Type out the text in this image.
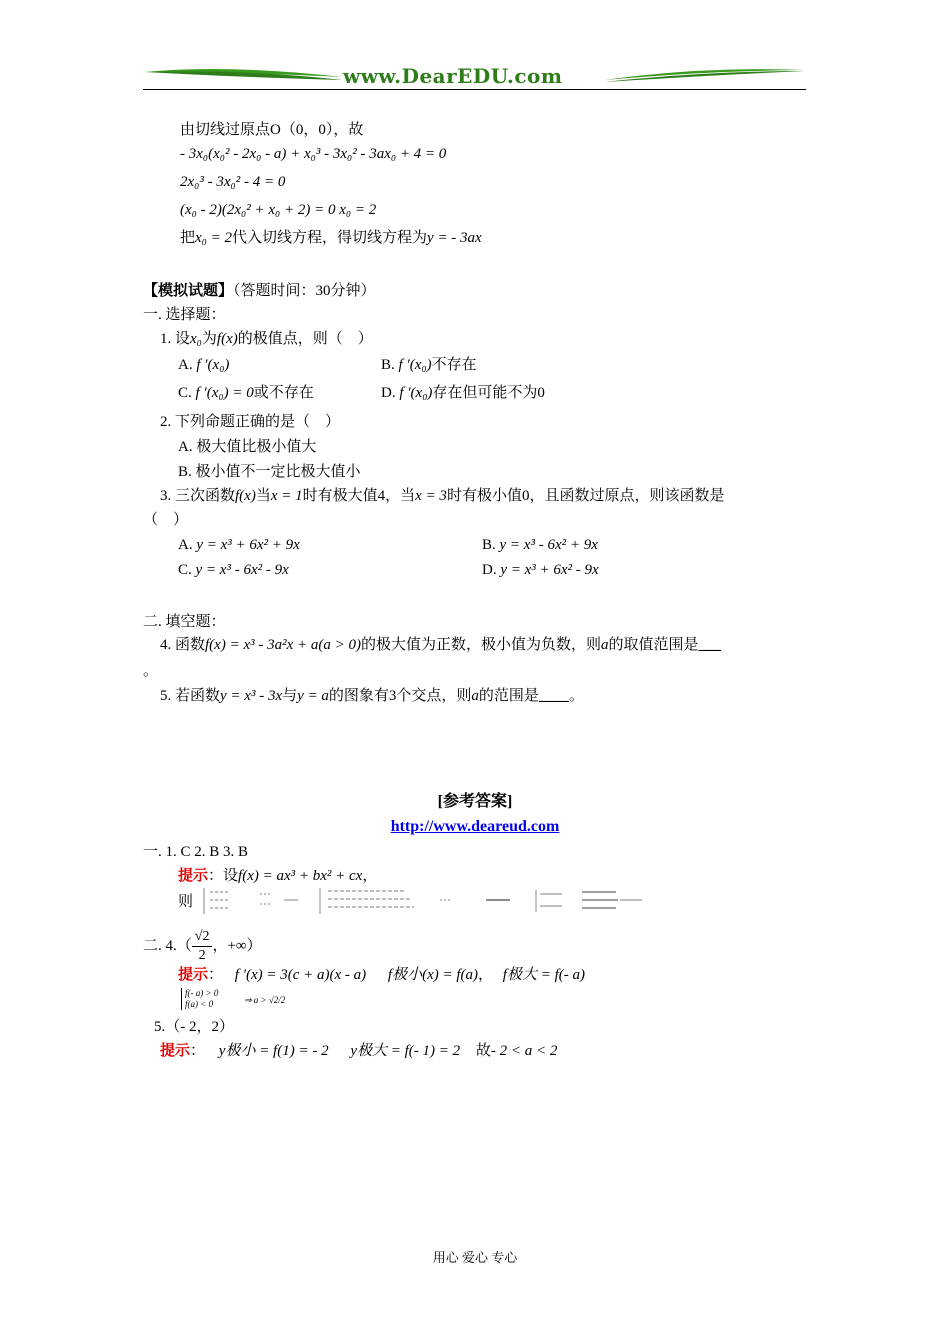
www.DearEDU.com
由切线过原点O（0，0），故
- 3x₀(x₀² - 2x₀ - a) + x₀³ - 3x₀² - 3ax₀ + 4 = 0
2x₀³ - 3x₀² - 4 = 0
(x₀ - 2)(2x₀² + x₀ + 2) = 0 x₀ = 2
把x₀ = 2代入切线方程，得切线方程为y = - 3ax
【模拟试题】（答题时间：30分钟）
一. 选择题：
1. 设x₀为f(x)的极值点，则（　）
A. f ′(x₀)	B. f ′(x₀)不存在
C. f ′(x₀) = 0或不存在	D. f ′(x₀)存在但可能不为0
2. 下列命题正确的是（　）
A. 极大值比极小值大
B. 极小值不一定比极大值小
3. 三次函数f(x)当x = 1时有极大值4，当x = 3时有极小值0，且函数过原点，则该函数是
（　）
A. y = x³ + 6x² + 9x	B. y = x³ - 6x² + 9x
C. y = x³ - 6x² - 9x	D. y = x³ + 6x² - 9x
二. 填空题：
4. 函数f(x) = x³ - 3a²x + a(a > 0)的极大值为正数，极小值为负数，则a的取值范围是___
。
5. 若函数y = x³ - 3x与y = a的图象有3个交点，则a的范围是____。
[参考答案]
http://www.deareud.com
一. 1. C 2. B 3. B
提示：设f(x) = ax³ + bx² + cx，
则
二. $4.( \frac{√2}{2}$ ，+∞）
提示： f ′(x) = 3(c + a)(x - a) f极小(x) = f(a)， f极大 = f(- a)
f(- a) > 0
f(a) < 0	⇒ a > √2/2
5.（- 2，2）
提示： y极小 = f(1) = - 2 y极大 = f(- 1) = 2 故- 2 < a < 2
用心 爱心 专心
